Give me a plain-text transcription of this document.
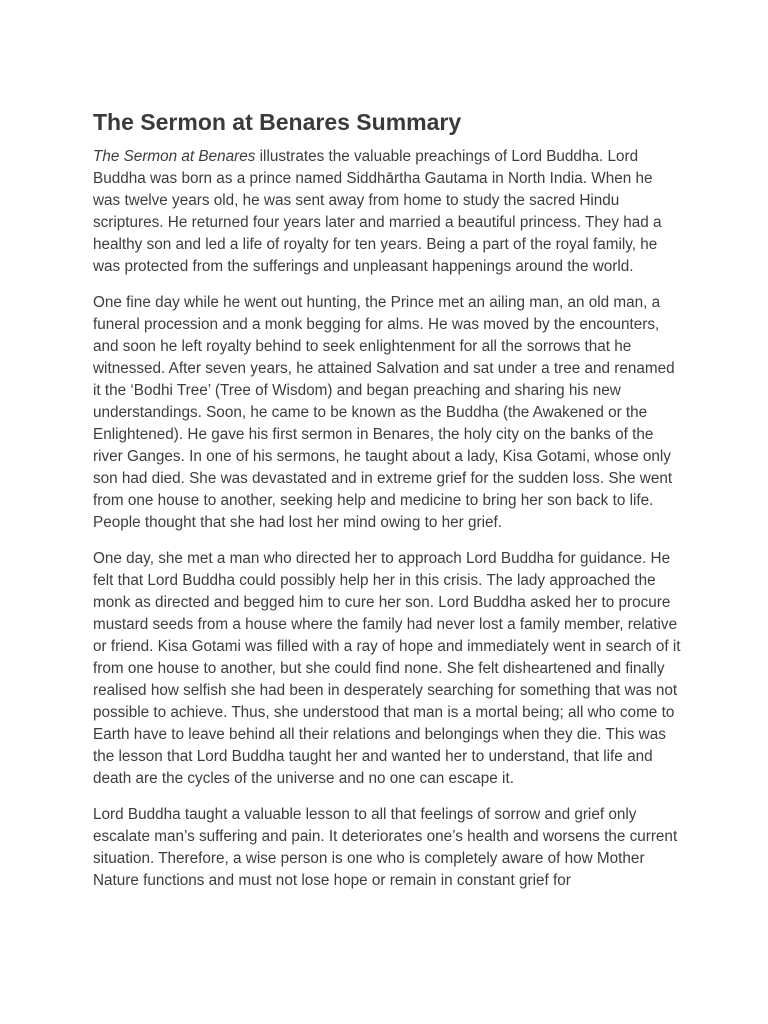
The Sermon at Benares Summary

The Sermon at Benares illustrates the valuable preachings of Lord Buddha. Lord Buddha was born as a prince named Siddhārtha Gautama in North India. When he was twelve years old, he was sent away from home to study the sacred Hindu scriptures. He returned four years later and married a beautiful princess. They had a healthy son and led a life of royalty for ten years. Being a part of the royal family, he was protected from the sufferings and unpleasant happenings around the world.

One fine day while he went out hunting, the Prince met an ailing man, an old man, a funeral procession and a monk begging for alms. He was moved by the encounters, and soon he left royalty behind to seek enlightenment for all the sorrows that he witnessed. After seven years, he attained Salvation and sat under a tree and renamed it the ‘Bodhi Tree’ (Tree of Wisdom) and began preaching and sharing his new understandings. Soon, he came to be known as the Buddha (the Awakened or the Enlightened). He gave his first sermon in Benares, the holy city on the banks of the river Ganges. In one of his sermons, he taught about a lady, Kisa Gotami, whose only son had died. She was devastated and in extreme grief for the sudden loss. She went from one house to another, seeking help and medicine to bring her son back to life. People thought that she had lost her mind owing to her grief.

One day, she met a man who directed her to approach Lord Buddha for guidance. He felt that Lord Buddha could possibly help her in this crisis. The lady approached the monk as directed and begged him to cure her son. Lord Buddha asked her to procure mustard seeds from a house where the family had never lost a family member, relative or friend. Kisa Gotami was filled with a ray of hope and immediately went in search of it from one house to another, but she could find none. She felt disheartened and finally realised how selfish she had been in desperately searching for something that was not possible to achieve. Thus, she understood that man is a mortal being; all who come to Earth have to leave behind all their relations and belongings when they die. This was the lesson that Lord Buddha taught her and wanted her to understand, that life and death are the cycles of the universe and no one can escape it.

Lord Buddha taught a valuable lesson to all that feelings of sorrow and grief only escalate man’s suffering and pain. It deteriorates one’s health and worsens the current situation. Therefore, a wise person is one who is completely aware of how Mother Nature functions and must not lose hope or remain in constant grief for
